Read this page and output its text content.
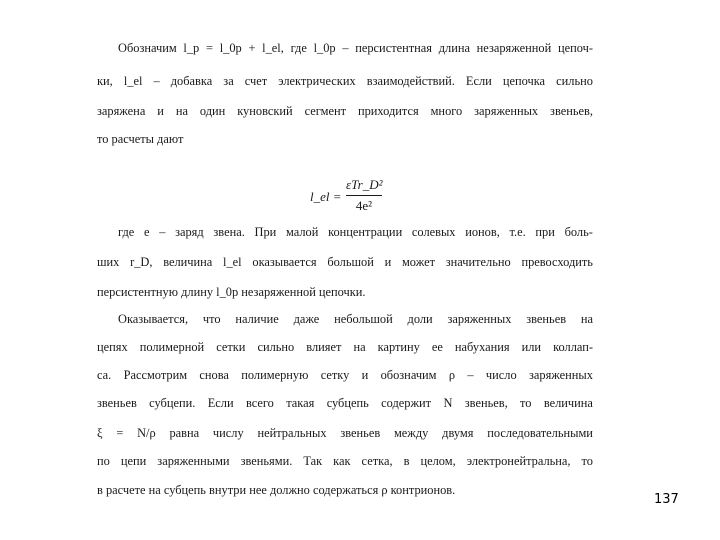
Обозначим l_p = l_0p + l_el, где l_0p – персистентная длина незаряженной цепоч-
ки, l_el – добавка за счет электрических взаимодействий. Если цепочка сильно
заряжена и на один куновский сегмент приходится много заряженных звеньев,
то расчеты дают
l_el =
εTr_D²
4e²
где e – заряд звена. При малой концентрации солевых ионов, т.е. при боль-
ших r_D, величина l_el оказывается большой и может значительно превосходить
персистентную длину l_0p незаряженной цепочки.
Оказывается, что наличие даже небольшой доли заряженных звеньев на
цепях полимерной сетки сильно влияет на картину ее набухания или коллап-
са. Рассмотрим снова полимерную сетку и обозначим ρ – число заряженных
звеньев субцепи. Если всего такая субцепь содержит N звеньев, то величина
ξ = N/ρ равна числу нейтральных звеньев между двумя последовательными
по цепи заряженными звеньями. Так как сетка, в целом, электронейтральна, то
в расчете на субцепь внутри нее должно содержаться ρ контрионов.
137
